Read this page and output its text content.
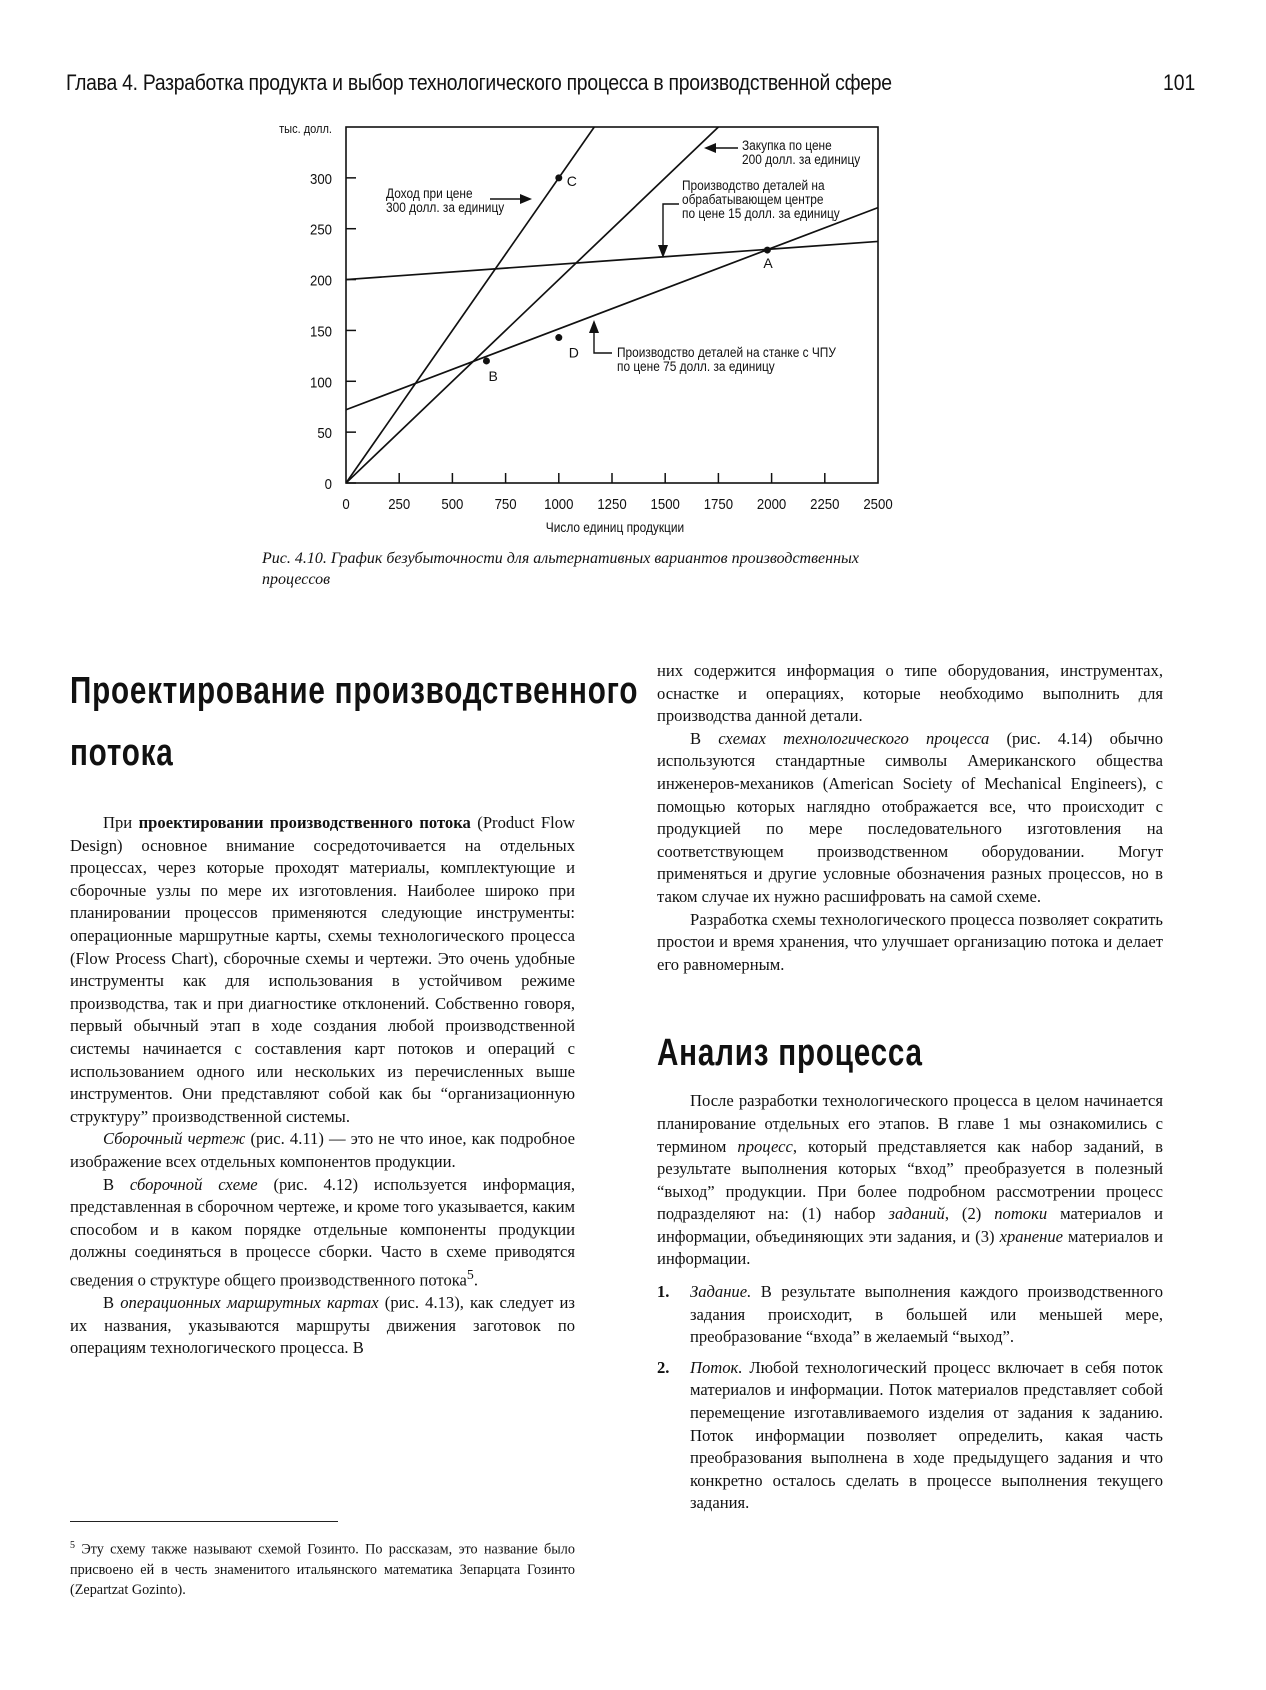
Глава 4. Разработка продукта и выбор технологического процесса в производственной сфере	101
0
50
100
150
200
250
300
0	250 500 750 1000 1250 1500 1750 2000 2250 2500
тыс. долл.
Число единиц продукции
A
B
C
D
Доход при цене
300 долл. за единицу
Закупка по цене
200 долл. за единицу
Производство деталей на
обрабатывающем центре
по цене 15 долл. за единицу
Производство деталей на станке с ЧПУ
по цене 75 долл. за единицу
Рис. 4.10. График безубыточности для альтернативных вариантов производственных процессов
Проектирование производственного
потока

При проектировании производственного потока (Product Flow Design) основное внимание сосредоточивается на отдельных процессах, через которые проходят материалы, комплектующие и сборочные узлы по мере их изготовления. Наиболее широко при планировании процессов применяются следующие инструменты: операционные маршрутные карты, схемы технологического процесса (Flow Process Chart), сборочные схемы и чертежи. Это очень удобные инструменты как для использования в устойчивом режиме производства, так и при диагностике отклонений. Собственно говоря, первый обычный этап в ходе создания любой производственной системы начинается с составления карт потоков и операций с использованием одного или нескольких из перечисленных выше инструментов. Они представляют собой как бы “организационную структуру” производственной системы.

Сборочный чертеж (рис. 4.11) — это не что иное, как подробное изображение всех отдельных компонентов продукции.

В сборочной схеме (рис. 4.12) используется информация, представленная в сборочном чертеже, и кроме того указывается, каким способом и в каком порядке отдельные компоненты продукции должны соединяться в процессе сборки. Часто в схеме приводятся сведения о структуре общего производственного потока$^5$.

В операционных маршрутных картах (рис. 4.13), как следует из их названия, указываются маршруты движения заготовок по операциям технологического процесса. В

$^5$ Эту схему также называют схемой Гозинто. По рассказам, это название было присвоено ей в честь знаменитого итальянского математика Зепарцата Гозинто (Zepartzat Gozinto).

них содержится информация о типе оборудования, инструментах, оснастке и операциях, которые необходимо выполнить для производства данной детали.

В схемах технологического процесса (рис. 4.14) обычно используются стандартные символы Американского общества инженеров-механиков (American Society of Mechanical Engineers), с помощью которых наглядно отображается все, что происходит с продукцией по мере последовательного изготовления на соответствующем производственном оборудовании. Могут применяться и другие условные обозначения разных процессов, но в таком случае их нужно расшифровать на самой схеме.

Разработка схемы технологического процесса позволяет сократить простои и время хранения, что улучшает организацию потока и делает его равномерным.

Анализ процесса

После разработки технологического процесса в целом начинается планирование отдельных его этапов. В главе 1 мы ознакомились с термином процесс, который представляется как набор заданий, в результате выполнения которых “вход” преобразуется в полезный “выход” продукции. При более подробном рассмотрении процесс подразделяют на: (1) набор заданий, (2) потоки материалов и информации, объединяющих эти задания, и (3) хранение материалов и информации.

1. Задание. В результате выполнения каждого производственного задания происходит, в большей или меньшей мере, преобразование “входа” в желаемый “выход”.
2. Поток. Любой технологический процесс включает в себя поток материалов и информации. Поток материалов представляет собой перемещение изготавливаемого изделия от задания к заданию. Поток информации позволяет определить, какая часть преобразования выполнена в ходе предыдущего задания и что конкретно осталось сделать в процессе выполнения текущего задания.
